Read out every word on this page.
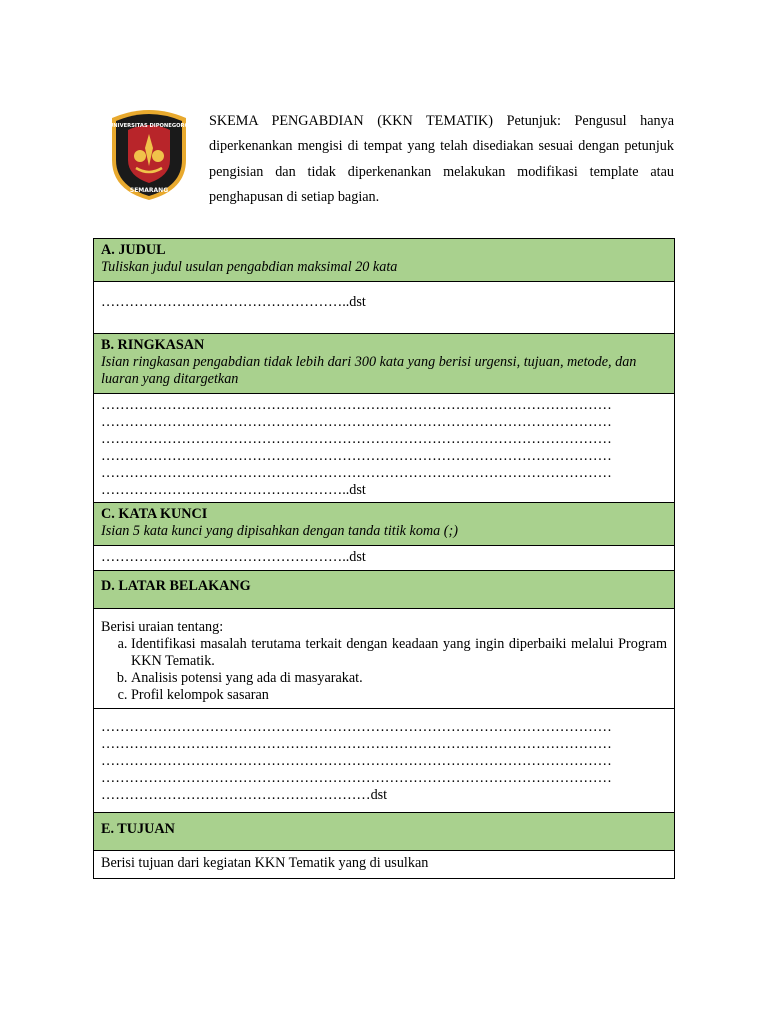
UNIVERSITAS DIPONEGORO
SEMARANG

SKEMA PENGABDIAN (KKN TEMATIK) Petunjuk: Pengusul hanya diperkenankan mengisi di tempat yang telah disediakan sesuai dengan petunjuk pengisian dan tidak diperkenankan melakukan modifikasi template atau penghapusan di setiap bagian.

A. JUDUL
Tuliskan judul usulan pengabdian maksimal 20 kata

……………………………………………..dst

B. RINGKASAN
Isian ringkasan pengabdian tidak lebih dari 300 kata yang berisi urgensi, tujuan, metode, dan luaran yang ditargetkan

………………………………………………………………………………………………
………………………………………………………………………………………………
………………………………………………………………………………………………
………………………………………………………………………………………………
………………………………………………………………………………………………
……………………………………………..dst

C. KATA KUNCI
Isian 5 kata kunci yang dipisahkan dengan tanda titik koma (;)

……………………………………………..dst

D. LATAR BELAKANG

Berisi uraian tentang:
a. Identifikasi masalah terutama terkait dengan keadaan yang ingin diperbaiki melalui Program KKN Tematik.
b. Analisis potensi yang ada di masyarakat.
c. Profil kelompok sasaran

………………………………………………………………………………………………
………………………………………………………………………………………………
………………………………………………………………………………………………
………………………………………………………………………………………………
…………………………………………………dst

E. TUJUAN

Berisi tujuan dari kegiatan KKN Tematik yang di usulkan
